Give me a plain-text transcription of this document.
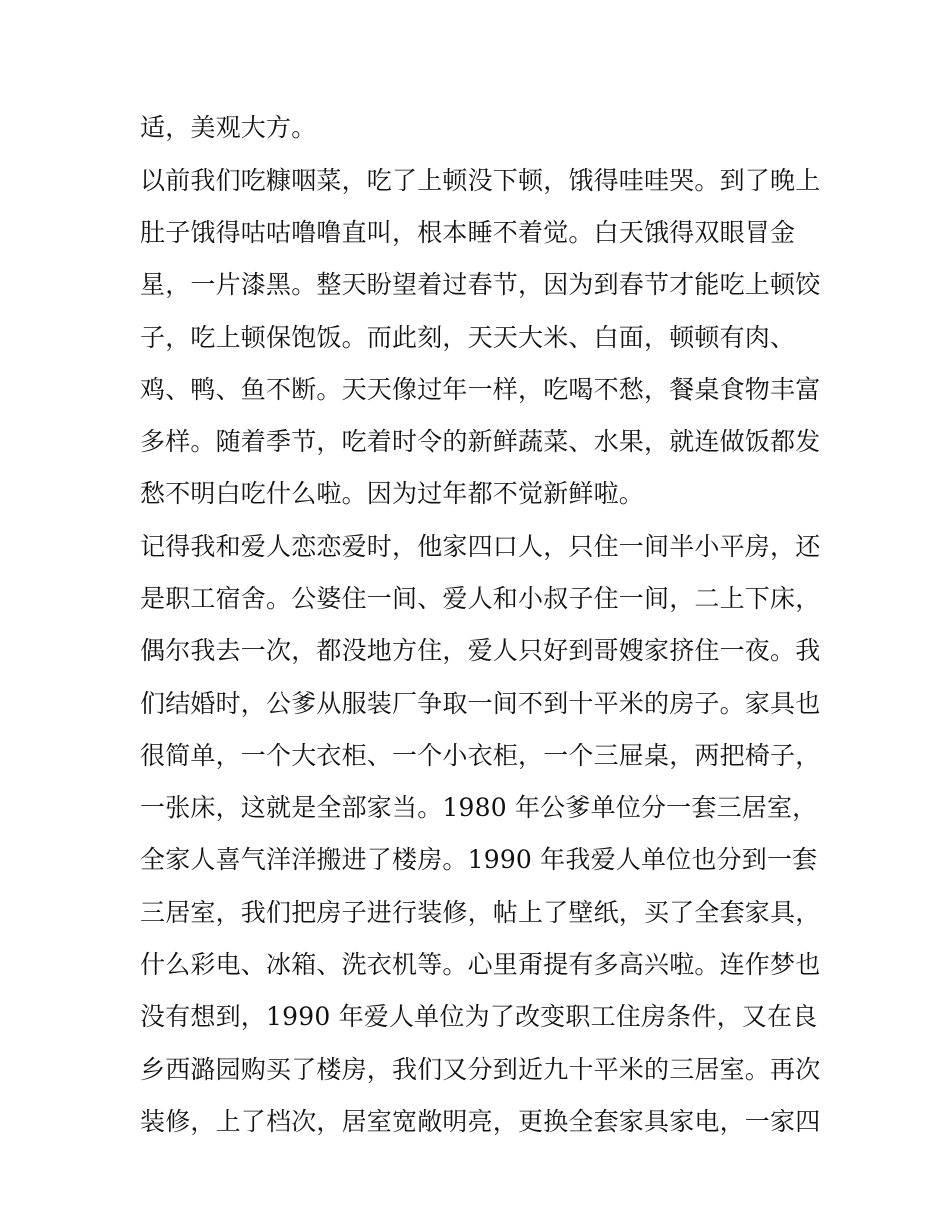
适，美观大方。
以前我们吃糠咽菜，吃了上顿没下顿，饿得哇哇哭。到了晚上
肚子饿得咕咕噜噜直叫，根本睡不着觉。白天饿得双眼冒金
星，一片漆黑。整天盼望着过春节，因为到春节才能吃上顿饺
子，吃上顿保饱饭。而此刻，天天大米、白面，顿顿有肉、
鸡、鸭、鱼不断。天天像过年一样，吃喝不愁，餐桌食物丰富
多样。随着季节，吃着时令的新鲜蔬菜、水果，就连做饭都发
愁不明白吃什么啦。因为过年都不觉新鲜啦。
记得我和爱人恋恋爱时，他家四口人，只住一间半小平房，还
是职工宿舍。公婆住一间、爱人和小叔子住一间，二上下床，
偶尔我去一次，都没地方住，爱人只好到哥嫂家挤住一夜。我
们结婚时，公爹从服装厂争取一间不到十平米的房子。家具也
很简单，一个大衣柜、一个小衣柜，一个三屉桌，两把椅子，
一张床，这就是全部家当。1980 年公爹单位分一套三居室，
全家人喜气洋洋搬进了楼房。1990 年我爱人单位也分到一套
三居室，我们把房子进行装修，帖上了壁纸，买了全套家具，
什么彩电、冰箱、洗衣机等。心里甭提有多高兴啦。连作梦也
没有想到，1990 年爱人单位为了改变职工住房条件，又在良
乡西潞园购买了楼房，我们又分到近九十平米的三居室。再次
装修，上了档次，居室宽敞明亮，更换全套家具家电，一家四
